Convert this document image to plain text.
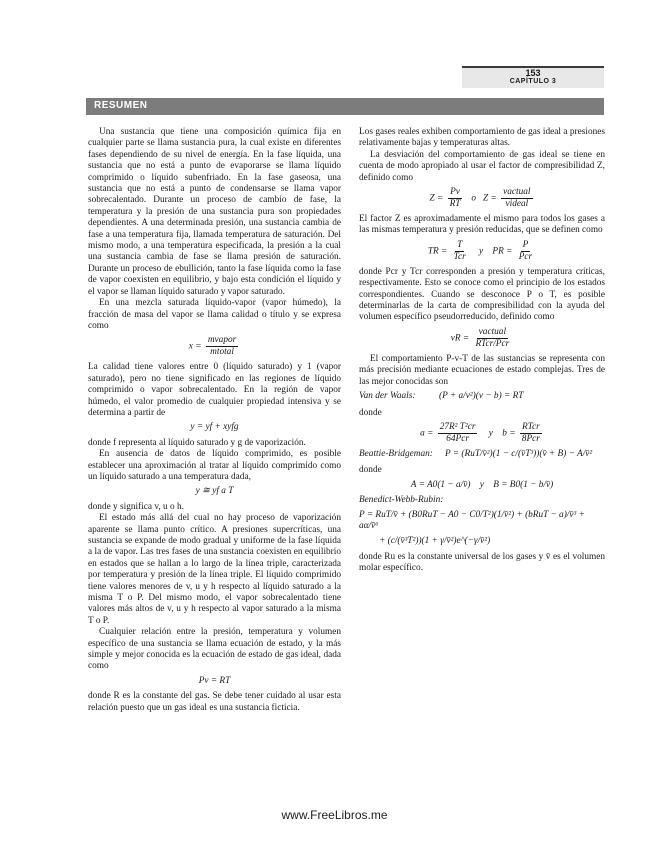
153
CAPÍTULO 3
RESUMEN

Una sustancia que tiene una composición química fija en cualquier parte se llama sustancia pura, la cual existe en diferentes fases dependiendo de su nivel de energía. En la fase líquida, una sustancia que no está a punto de evaporarse se llama líquido comprimido o líquido subenfriado. En la fase gaseosa, una sustancia que no está a punto de condensarse se llama vapor sobrecalentado. Durante un proceso de cambio de fase, la temperatura y la presión de una sustancia pura son propiedades dependientes. A una determinada presión, una sustancia cambia de fase a una temperatura fija, llamada temperatura de saturación. Del mismo modo, a una temperatura especificada, la presión a la cual una sustancia cambia de fase se llama presión de saturación. Durante un proceso de ebullición, tanto la fase líquida como la fase de vapor coexisten en equilibrio, y bajo esta condición el líquido y el vapor se llaman líquido saturado y vapor saturado.

En una mezcla saturada líquido-vapor (vapor húmedo), la fracción de masa del vapor se llama calidad o título y se expresa como

$x = \frac{\text{mvapor}}{\text{mtotal}}$

La calidad tiene valores entre 0 (líquido saturado) y 1 (vapor saturado), pero no tiene significado en las regiones de líquido comprimido o vapor sobrecalentado. En la región de vapor húmedo, el valor promedio de cualquier propiedad intensiva y se determina a partir de

y = yf + xyfg

donde f representa al líquido saturado y g de vaporización.

En ausencia de datos de líquido comprimido, es posible establecer una aproximación al tratar al líquido comprimido como un líquido saturado a una temperatura dada,

y ≅ yf a T

donde y significa v, u o h.

El estado más allá del cual no hay proceso de vaporización aparente se llama punto crítico. A presiones supercríticas, una sustancia se expande de modo gradual y uniforme de la fase líquida a la de vapor. Las tres fases de una sustancia coexisten en equilibrio en estados que se hallan a lo largo de la línea triple, caracterizada por temperatura y presión de la línea triple. El líquido comprimido tiene valores menores de v, u y h respecto al líquido saturado a la misma T o P. Del mismo modo, el vapor sobrecalentado tiene valores más altos de v, u y h respecto al vapor saturado a la misma T o P.

Cualquier relación entre la presión, temperatura y volumen específico de una sustancia se llama ecuación de estado, y la más simple y mejor conocida es la ecuación de estado de gas ideal, dada como

Pv = RT

donde R es la constante del gas. Se debe tener cuidado al usar esta relación puesto que un gas ideal es una sustancia ficticia.

Los gases reales exhiben comportamiento de gas ideal a presiones relativamente bajas y temperaturas altas.

La desviación del comportamiento de gas ideal se tiene en cuenta de modo apropiado al usar el factor de compresibilidad Z, definido como

$Z = \frac{Pv}{RT}$ o $Z = \frac{\text{vactual}}{\text{videal}}$

El factor Z es aproximadamente el mismo para todos los gases a las mismas temperatura y presión reducidas, que se definen como

TR = $\frac{T}{\text{Tcr}}$ y PR = $\frac{P}{\text{Pcr}}$

donde Pcr y Tcr corresponden a presión y temperatura críticas, respectivamente. Esto se conoce como el principio de los estados correspondientes. Cuando se desconoce P o T, es posible determinarlas de la carta de compresibilidad con la ayuda del volumen específico pseudorreducido, definido como

vR = $\frac{\text{vactual}}{\text{RTcr/Pcr}}$

El comportamiento P-v-T de las sustancias se representa con más precisión mediante ecuaciones de estado complejas. Tres de las mejor conocidas son

Van der Waals:	(P + a/v²)(v − b) = RT

donde

$a = \frac{\text{27R² T²cr}}{\text{64Pcr}}$ y $b = \frac{\text{RTcr}}{\text{8Pcr}}$
Beattie-Bridgeman:	P = (RuT/v̄²)(1 − c/(v̄T³))(v̄ + B) − A/v̄²

donde

A = A0(1 − a/v̄) y B = B0(1 − b/v̄)

Benedict-Webb-Rubin:

P = RuT/v̄ + (B0RuT − A0 − C0/T²)(1/v̄²) + (bRuT − a)/v̄³ + aα/v̄⁶
+ (c/(v̄³T²))(1 + γ/v̄²)e^(−γ/v̄²)

donde Ru es la constante universal de los gases y v̄ es el volumen molar específico.

www.FreeLibros.me
